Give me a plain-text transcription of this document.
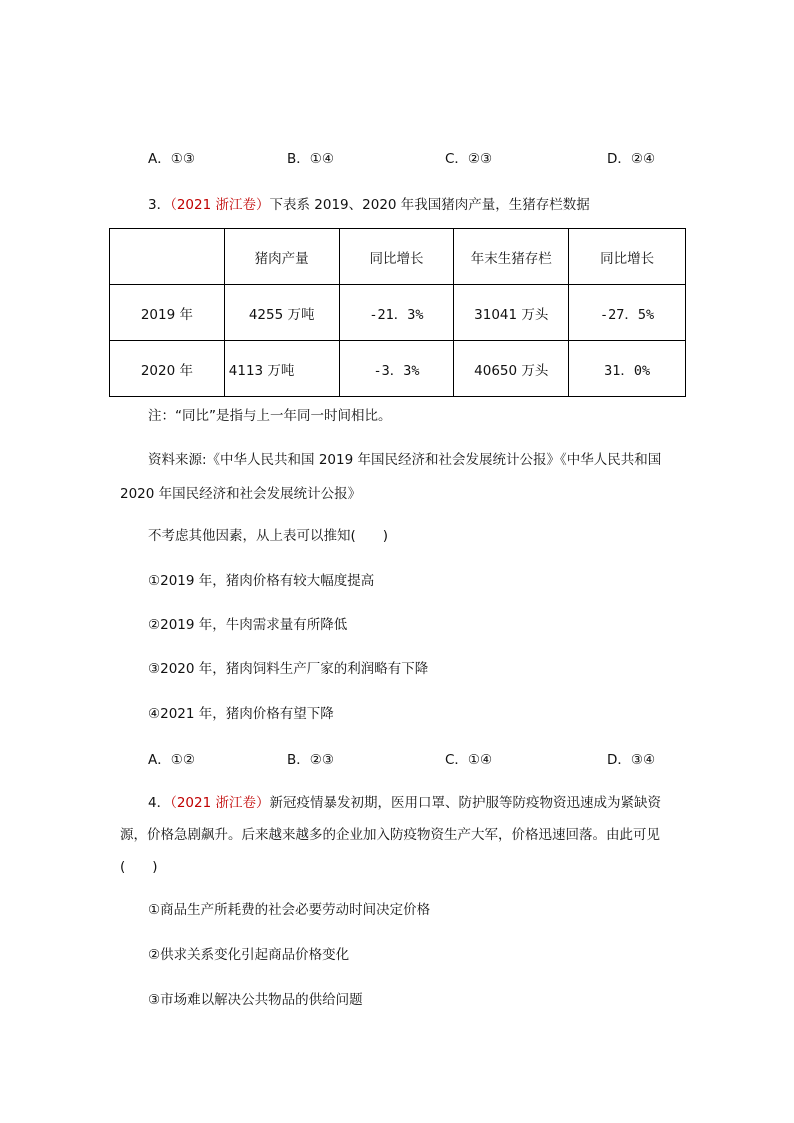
A．①③	B．①④	C．②③	D．②④
3．（2021 浙江卷）下表系 2019、2020 年我国猪肉产量，生猪存栏数据
	猪肉产量	同比增长	年末生猪存栏	同比增长
2019 年	4255 万吨	-21．3%	31041 万头	-27．5%
2020 年	4113 万吨	-3．3%	40650 万头	31．0%
注：“同比”是指与上一年同一时间相比。
资料来源:《中华人民共和国 2019 年国民经济和社会发展统计公报》《中华人民共和国
2020 年国民经济和社会发展统计公报》
不考虑其他因素，从上表可以推知(　　)
①2019 年，猪肉价格有较大幅度提高
②2019 年，牛肉需求量有所降低
③2020 年，猪肉饲料生产厂家的利润略有下降
④2021 年，猪肉价格有望下降
A．①②	B．②③	C．①④	D．③④
4．（2021 浙江卷）新冠疫情暴发初期，医用口罩、防护服等防疫物资迅速成为紧缺资
源，价格急剧飙升。后来越来越多的企业加入防疫物资生产大军，价格迅速回落。由此可见
(　　)
①商品生产所耗费的社会必要劳动时间决定价格
②供求关系变化引起商品价格变化
③市场难以解决公共物品的供给问题
